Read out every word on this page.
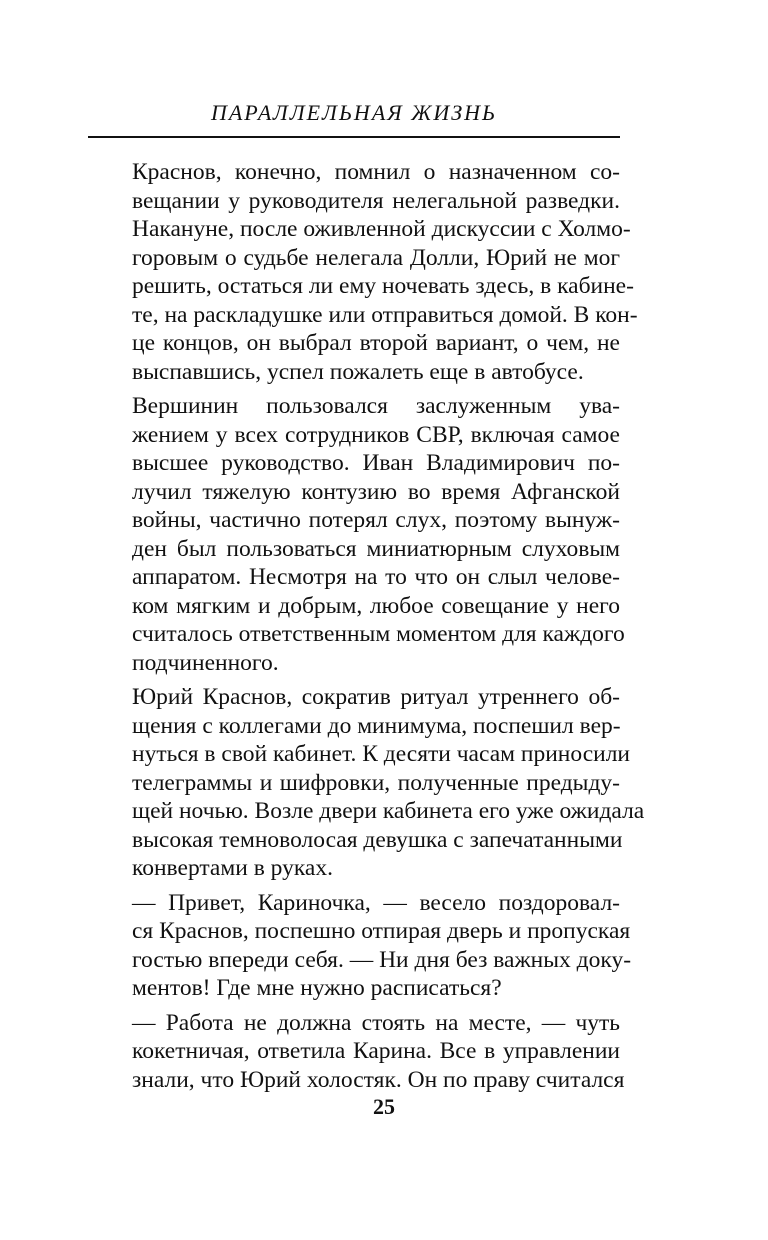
ПАРАЛЛЕЛЬНАЯ ЖИЗНЬ

Краснов, конечно, помнил о назначенном со-
вещании у руководителя нелегальной разведки.
Накануне, после оживленной дискуссии с Холмо-
горовым о судьбе нелегала Долли, Юрий не мог
решить, остаться ли ему ночевать здесь, в кабине-
те, на раскладушке или отправиться домой. В кон-
це концов, он выбрал второй вариант, о чем, не
выспавшись, успел пожалеть еще в автобусе.

Вершинин пользовался заслуженным ува-
жением у всех сотрудников СВР, включая самое
высшее руководство. Иван Владимирович по-
лучил тяжелую контузию во время Афганской
войны, частично потерял слух, поэтому вынуж-
ден был пользоваться миниатюрным слуховым
аппаратом. Несмотря на то что он слыл челове-
ком мягким и добрым, любое совещание у него
считалось ответственным моментом для каждого
подчиненного.

Юрий Краснов, сократив ритуал утреннего об-
щения с коллегами до минимума, поспешил вер-
нуться в свой кабинет. К десяти часам приносили
телеграммы и шифровки, полученные предыду-
щей ночью. Возле двери кабинета его уже ожидала
высокая темноволосая девушка с запечатанными
конвертами в руках.

— Привет, Кариночка, — весело поздоровал-
ся Краснов, поспешно отпирая дверь и пропуская
гостью впереди себя. — Ни дня без важных доку-
ментов! Где мне нужно расписаться?

— Работа не должна стоять на месте, — чуть
кокетничая, ответила Карина. Все в управлении
знали, что Юрий холостяк. Он по праву считался

25
